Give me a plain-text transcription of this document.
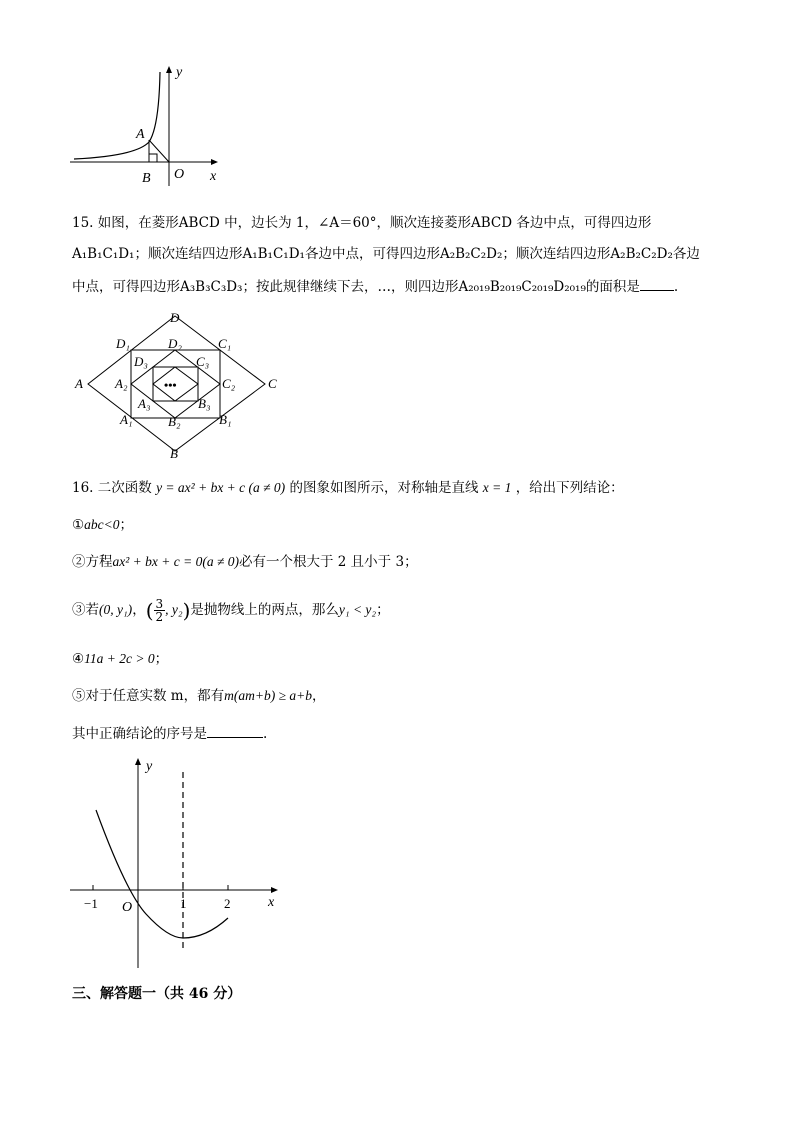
y
x
A
B O
15. 如图，在菱形ABCD 中，边长为 1，∠A＝60°，顺次连接菱形ABCD 各边中点，可得四边形
A₁B₁C₁D₁；顺次连结四边形A₁B₁C₁D₁各边中点，可得四边形A₂B₂C₂D₂；顺次连结四边形A₂B₂C₂D₂各边
中点，可得四边形A₃B₃C₃D₃；按此规律继续下去，…，则四边形A₂₀₁₉B₂₀₁₉C₂₀₁₉D₂₀₁₉的面积是	.
•••
D
D₁	D₂	C₁
D₃	C₃
A A₂	C₂	C
A₃	B₃
A₁	B₂	B₁
B
16. 二次函数 y = ax² + bx + c (a ≠ 0) 的图象如图所示，对称轴是直线 x = 1 ，给出下列结论：
①abc<0；
②方程ax² + bx + c = 0(a ≠ 0)必有一个根大于 2 且小于 3；
③若(0, y₁)，( $\frac{3}{2}$ , y₂)是抛物线上的两点，那么y₁ < y₂；
④11a + 2c > 0；
⑤对于任意实数 m，都有m(am+b) ≥ a+b，
其中正确结论的序号是	.
y
x
O
−1	1	2
三、解答题一（共 46 分）
